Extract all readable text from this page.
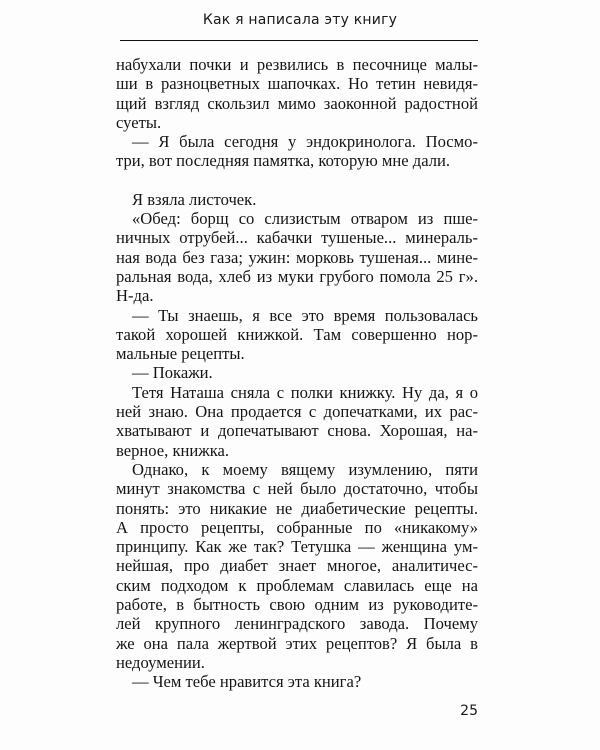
Как я написала эту книгу
набухали почки и резвились в песочнице малы-
ши в разноцветных шапочках. Но тетин невидя-
щий взгляд скользил мимо заоконной радостной
суеты.
— Я была сегодня у эндокринолога. Посмо-
три, вот последняя памятка, которую мне дали.
Я взяла листочек.
«Обед: борщ со слизистым отваром из пше-
ничных отрубей... кабачки тушеные... минераль-
ная вода без газа; ужин: морковь тушеная... мине-
ральная вода, хлеб из муки грубого помола 25 г».
Н-да.
— Ты знаешь, я все это время пользовалась
такой хорошей книжкой. Там совершенно нор-
мальные рецепты.
— Покажи.
Тетя Наташа сняла с полки книжку. Ну да, я о
ней знаю. Она продается с допечатками, их рас-
хватывают и допечатывают снова. Хорошая, на-
верное, книжка.
Однако, к моему вящему изумлению, пяти
минут знакомства с ней было достаточно, чтобы
понять: это никакие не диабетические рецепты.
А просто рецепты, собранные по «никакому»
принципу. Как же так? Тетушка — женщина ум-
нейшая, про диабет знает многое, аналитичес-
ским подходом к проблемам славилась еще на
работе, в бытность свою одним из руководите-
лей крупного ленинградского завода. Почему
же она пала жертвой этих рецептов? Я была в
недоумении.
— Чем тебе нравится эта книга?
25
